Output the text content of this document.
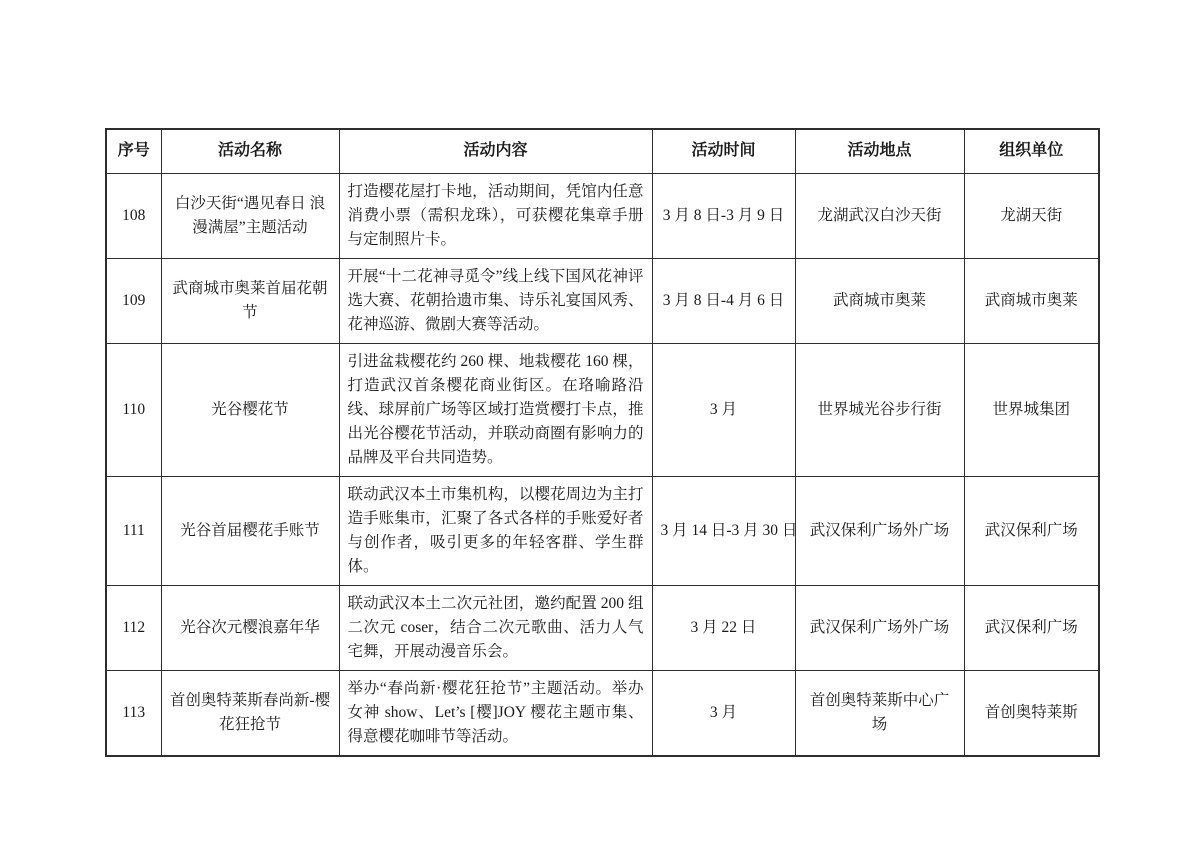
序号	活动名称	活动内容	活动时间	活动地点	组织单位
108	白沙天街“遇见春日 浪漫满屋”主题活动	打造樱花屋打卡地，活动期间，凭馆内任意消费小票（需积龙珠），可获樱花集章手册与定制照片卡。	3 月 8 日-3 月 9 日	龙湖武汉白沙天街	龙湖天街
109	武商城市奥莱首届花朝节	开展“十二花神寻觅令”线上线下国风花神评选大赛、花朝拾遗市集、诗乐礼宴国风秀、花神巡游、微剧大赛等活动。	3 月 8 日-4 月 6 日	武商城市奥莱	武商城市奥莱
110	光谷樱花节	引进盆栽樱花约 260 棵、地栽樱花 160 棵，打造武汉首条樱花商业街区。在珞喻路沿线、球屏前广场等区域打造赏樱打卡点，推出光谷樱花节活动，并联动商圈有影响力的品牌及平台共同造势。	3 月	世界城光谷步行街	世界城集团
111	光谷首届樱花手账节	联动武汉本土市集机构，以樱花周边为主打造手账集市，汇聚了各式各样的手账爱好者与创作者，吸引更多的年轻客群、学生群体。	3 月 14 日-3 月 30 日	武汉保利广场外广场	武汉保利广场
112	光谷次元樱浪嘉年华	联动武汉本土二次元社团，邀约配置 200 组二次元 coser，结合二次元歌曲、活力人气宅舞，开展动漫音乐会。	3 月 22 日	武汉保利广场外广场	武汉保利广场
113	首创奥特莱斯春尚新-樱花狂抢节	举办“春尚新·樱花狂抢节”主题活动。举办女神 show、Let’s [樱]JOY 樱花主题市集、得意樱花咖啡节等活动。	3 月	首创奥特莱斯中心广场	首创奥特莱斯
